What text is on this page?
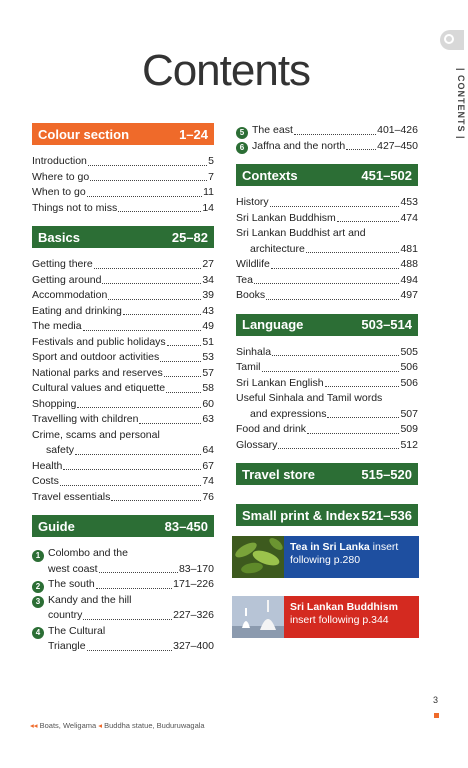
Contents	| CONTENTS |
Colour section	1–24
Introduction	5
Where to go	7
When to go	11
Things not to miss	14
Basics	25–82
Getting there	27
Getting around	34
Accommodation	39
Eating and drinking	43
The media	49
Festivals and public holidays	51
Sport and outdoor activities	53
National parks and reserves	57
Cultural values and etiquette	58
Shopping	60
Travelling with children	63
Crime, scams and personal
safety	64
Health	67
Costs	74
Travel essentials	76
Guide	83–450
1 Colombo and the
west coast	83–170
2 The south	171–226
3 Kandy and the hill
country	227–326
4 The Cultural
Triangle	327–400
5 The east	401–426
6 Jaffna and the north	427–450
Contexts	451–502
History	453
Sri Lankan Buddhism	474
Sri Lankan Buddhist art and
architecture	481
Wildlife	488
Tea	494
Books	497
Language	503–514
Sinhala	505
Tamil	506
Sri Lankan English	506
Useful Sinhala and Tamil words
and expressions	507
Food and drink	509
Glossary	512
Travel store	515–520
Small print & Index 521–536
Tea in Sri Lanka insert
following p.280
Sri Lankan Buddhism
insert following p.344
◂◂ Boats, Weligama ◂ Buddha statue, Buduruwagala
3
